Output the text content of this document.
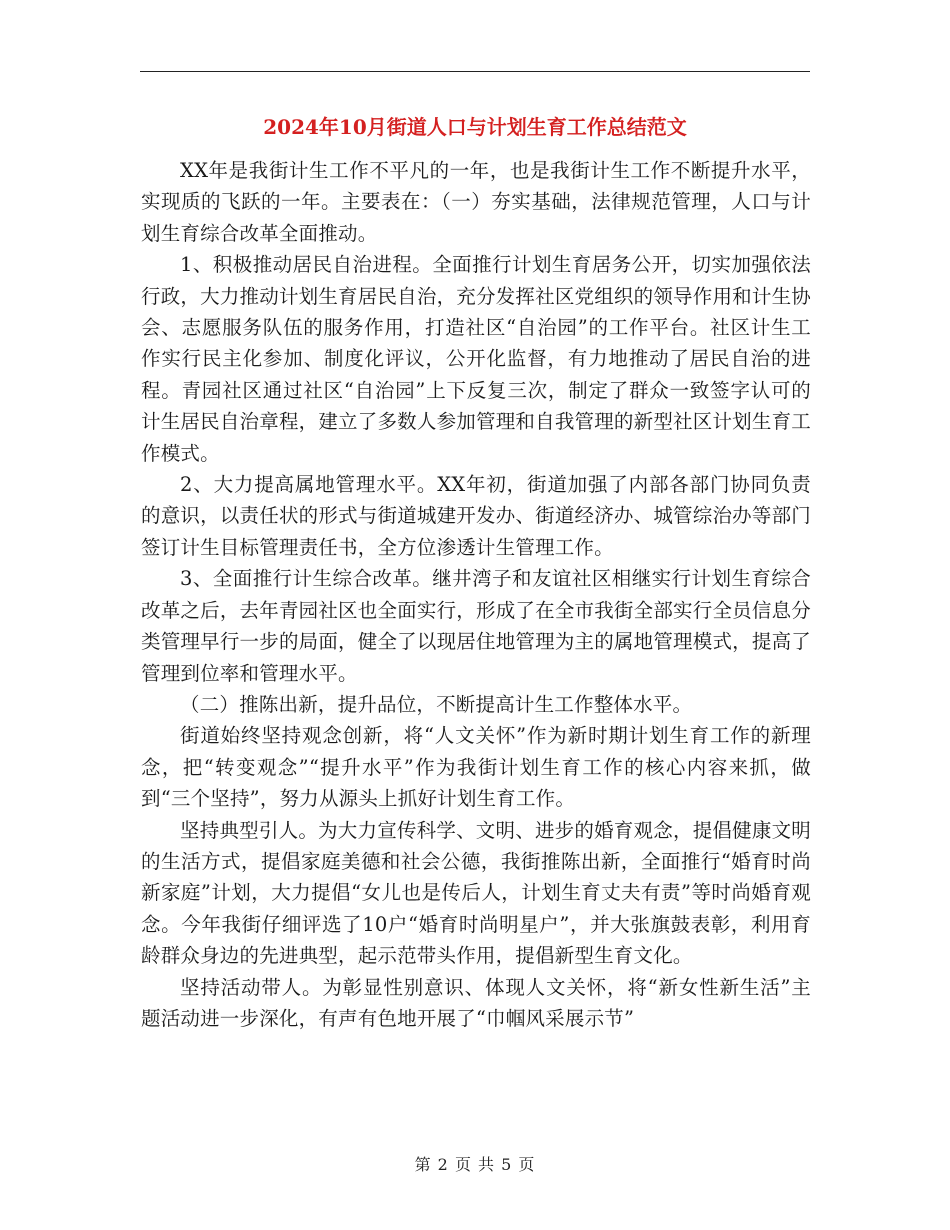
2024年10月街道人口与计划生育工作总结范文

XX年是我街计生工作不平凡的一年，也是我街计生工作不断提升水平，实现质的飞跃的一年。主要表在：（一）夯实基础，法律规范管理，人口与计划生育综合改革全面推动。

1、积极推动居民自治进程。全面推行计划生育居务公开，切实加强依法行政，大力推动计划生育居民自治，充分发挥社区党组织的领导作用和计生协会、志愿服务队伍的服务作用，打造社区“自治园”的工作平台。社区计生工作实行民主化参加、制度化评议，公开化监督，有力地推动了居民自治的进程。青园社区通过社区“自治园”上下反复三次，制定了群众一致签字认可的计生居民自治章程，建立了多数人参加管理和自我管理的新型社区计划生育工作模式。

2、大力提高属地管理水平。XX年初，街道加强了内部各部门协同负责的意识，以责任状的形式与街道城建开发办、街道经济办、城管综治办等部门签订计生目标管理责任书，全方位渗透计生管理工作。

3、全面推行计生综合改革。继井湾子和友谊社区相继实行计划生育综合改革之后，去年青园社区也全面实行，形成了在全市我街全部实行全员信息分类管理早行一步的局面，健全了以现居住地管理为主的属地管理模式，提高了管理到位率和管理水平。

（二）推陈出新，提升品位，不断提高计生工作整体水平。

街道始终坚持观念创新，将“人文关怀”作为新时期计划生育工作的新理念，把“转变观念”“提升水平”作为我街计划生育工作的核心内容来抓，做到“三个坚持”，努力从源头上抓好计划生育工作。

坚持典型引人。为大力宣传科学、文明、进步的婚育观念，提倡健康文明的生活方式，提倡家庭美德和社会公德，我街推陈出新，全面推行“婚育时尚新家庭”计划，大力提倡“女儿也是传后人，计划生育丈夫有责”等时尚婚育观念。今年我街仔细评选了10户“婚育时尚明星户”，并大张旗鼓表彰，利用育龄群众身边的先进典型，起示范带头作用，提倡新型生育文化。

坚持活动带人。为彰显性别意识、体现人文关怀，将“新女性新生活”主题活动进一步深化，有声有色地开展了“巾帼风采展示节”

第 2 页 共 5 页
